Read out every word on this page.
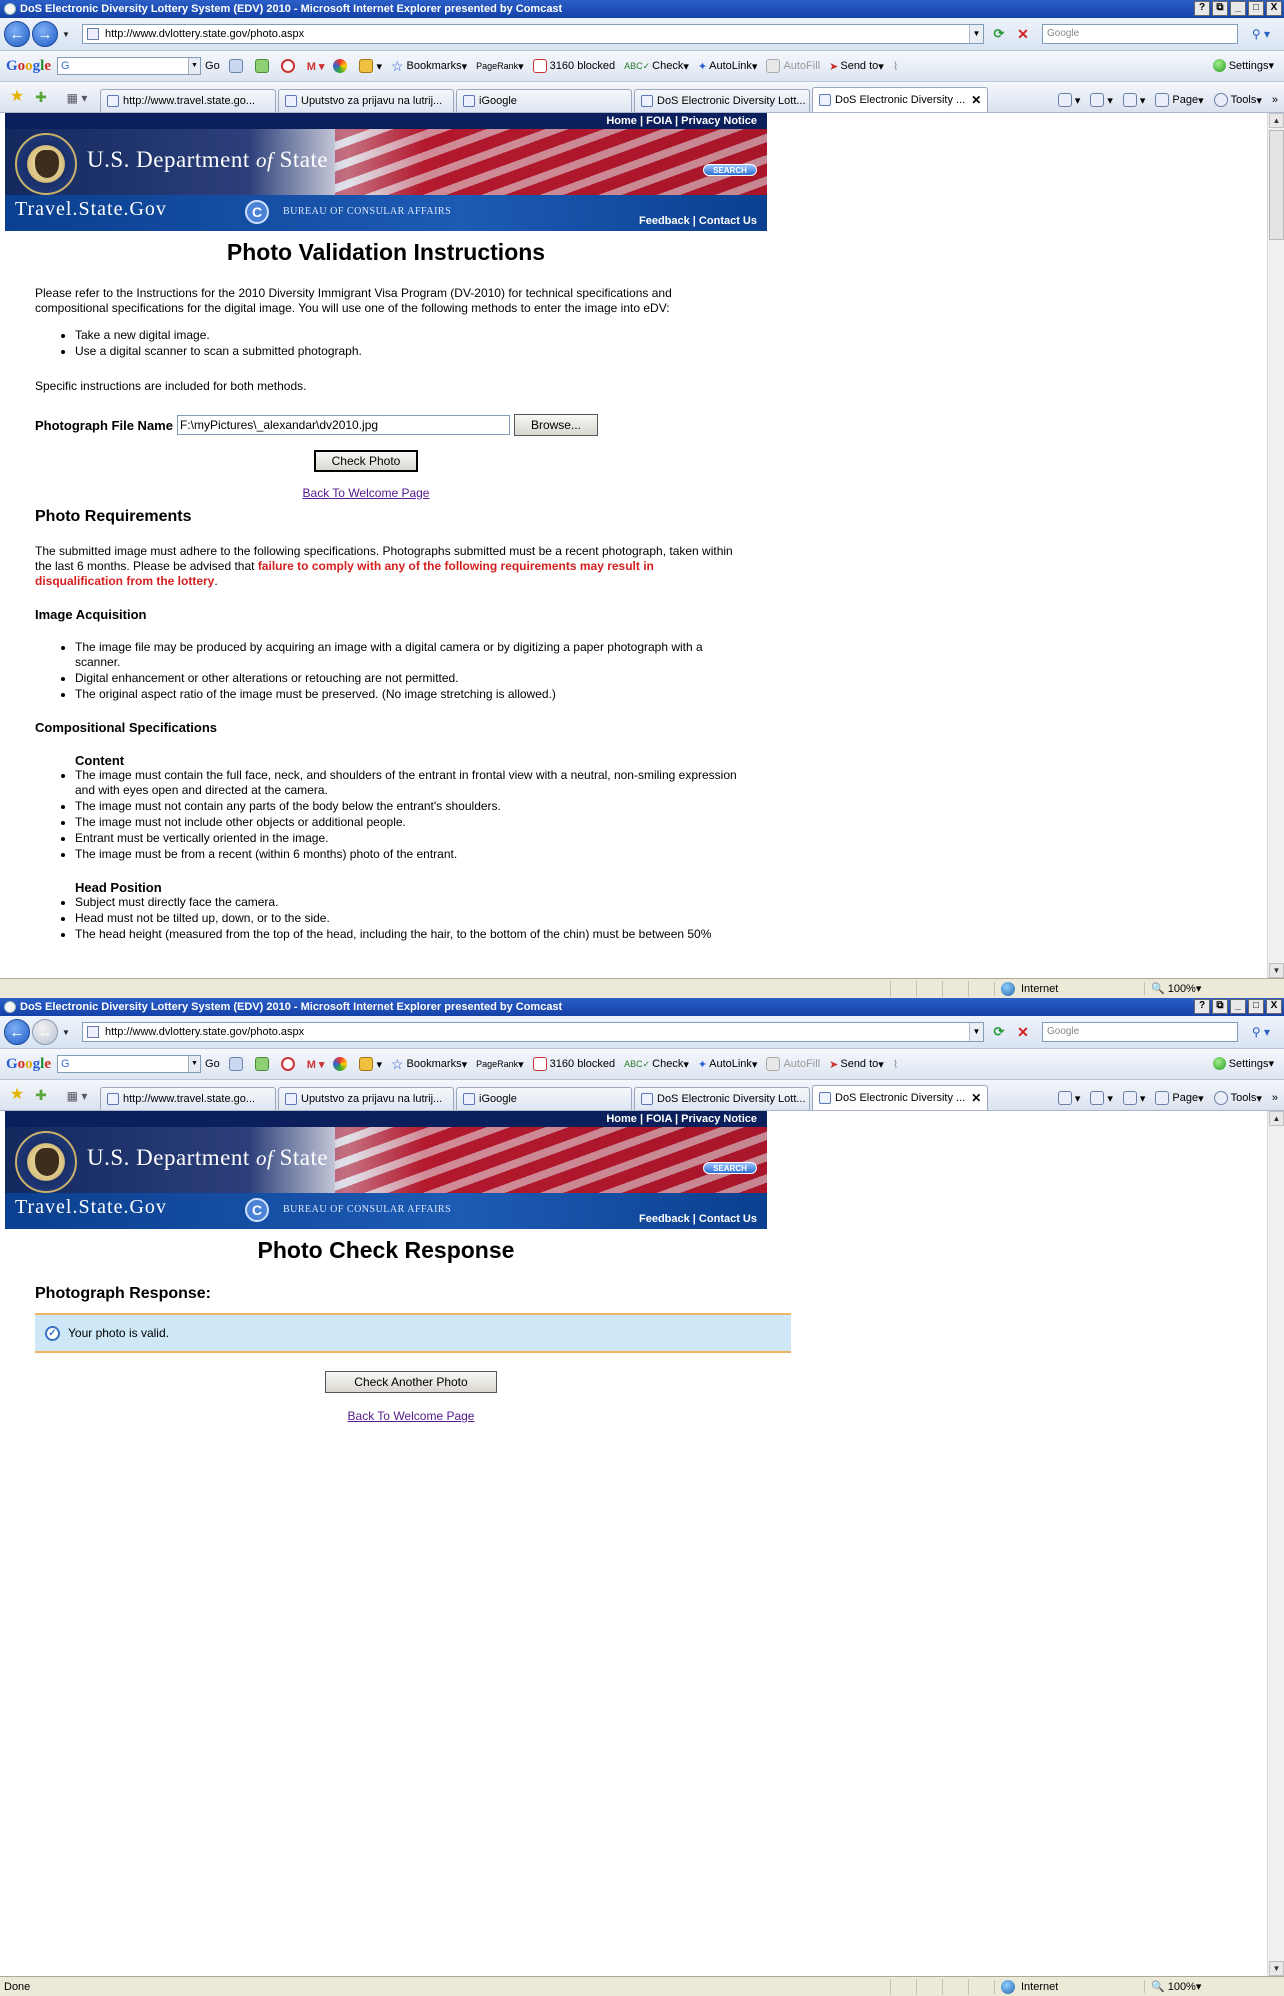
DoS Electronic Diversity Lottery System (EDV) 2010 - Microsoft Internet Explorer presented by Comcast	?	⧉	_	□	X
← →	▼	http://www.dvlottery.state.gov/photo.aspx	▼ ⟳ ✕	Google	⚲ ▾
Google G	▼ Go	M ▾	▾ ☆ Bookmarks ▾ PageRank ▾ 3160 blocked ABC✓ Check ▾ ✦ AutoLink ▾ AutoFill ➤ Send to ▾ ⌇	Settings ▾
★ ✚	▦ ▾	http://www.travel.state.go...	Uputstvo za prijavu na lutrij...	iGoogle	DoS Electronic Diversity Lott...	DoS Electronic Diversity ... ✕	▾	▾	▾ Page ▾ Tools ▾ »
Home | FOIA | Privacy Notice
U.S. Department of State	SEARCH
Travel.State.Gov	C	BUREAU OF CONSULAR AFFAIRS
Feedback | Contact Us
Photo Validation Instructions

Please refer to the Instructions for the 2010 Diversity Immigrant Visa Program (DV-2010) for technical specifications and compositional specifications for the digital image. You will use one of the following methods to enter the image into eDV:

• Take a new digital image.
• Use a digital scanner to scan a submitted photograph.

Specific instructions are included for both methods.

Photograph File Name F:\myPictures\_alexandar\dv2010.jpg	Browse...
Check Photo
Back To Welcome Page
Photo Requirements

The submitted image must adhere to the following specifications. Photographs submitted must be a recent photograph, taken within the last 6 months. Please be advised that failure to comply with any of the following requirements may result in disqualification from the lottery.

Image Acquisition
• The image file may be produced by acquiring an image with a digital camera or by digitizing a paper photograph with a scanner.
• Digital enhancement or other alterations or retouching are not permitted.
• The original aspect ratio of the image must be preserved. (No image stretching is allowed.)
Compositional Specifications
Content
• The image must contain the full face, neck, and shoulders of the entrant in frontal view with a neutral, non-smiling expression and with eyes open and directed at the camera.
• The image must not contain any parts of the body below the entrant's shoulders.
• The image must not include other objects or additional people.
• Entrant must be vertically oriented in the image.
• The image must be from a recent (within 6 months) photo of the entrant.
Head Position
• Subject must directly face the camera.
• Head must not be tilted up, down, or to the side.
• The head height (measured from the top of the head, including the hair, to the bottom of the chin) must be between 50%
▲
▼
Internet	🔍 100% ▾
DoS Electronic Diversity Lottery System (EDV) 2010 - Microsoft Internet Explorer presented by Comcast	?	⧉	_	□	X
← →	▼	http://www.dvlottery.state.gov/photo.aspx	▼ ⟳ ✕	Google	⚲ ▾
Google G	▼ Go	M ▾	▾ ☆ Bookmarks ▾ PageRank ▾ 3160 blocked ABC✓ Check ▾ ✦ AutoLink ▾ AutoFill ➤ Send to ▾ ⌇	Settings ▾
★ ✚	▦ ▾	http://www.travel.state.go...	Uputstvo za prijavu na lutrij...	iGoogle	DoS Electronic Diversity Lott...	DoS Electronic Diversity ... ✕	▾	▾	▾ Page ▾ Tools ▾ »
Home | FOIA | Privacy Notice
U.S. Department of State	SEARCH
Travel.State.Gov	C	BUREAU OF CONSULAR AFFAIRS
Feedback | Contact Us
Photo Check Response
Photograph Response:
✓ Your photo is valid.
Check Another Photo
Back To Welcome Page
▲
▼
Done	Internet	🔍 100% ▾
